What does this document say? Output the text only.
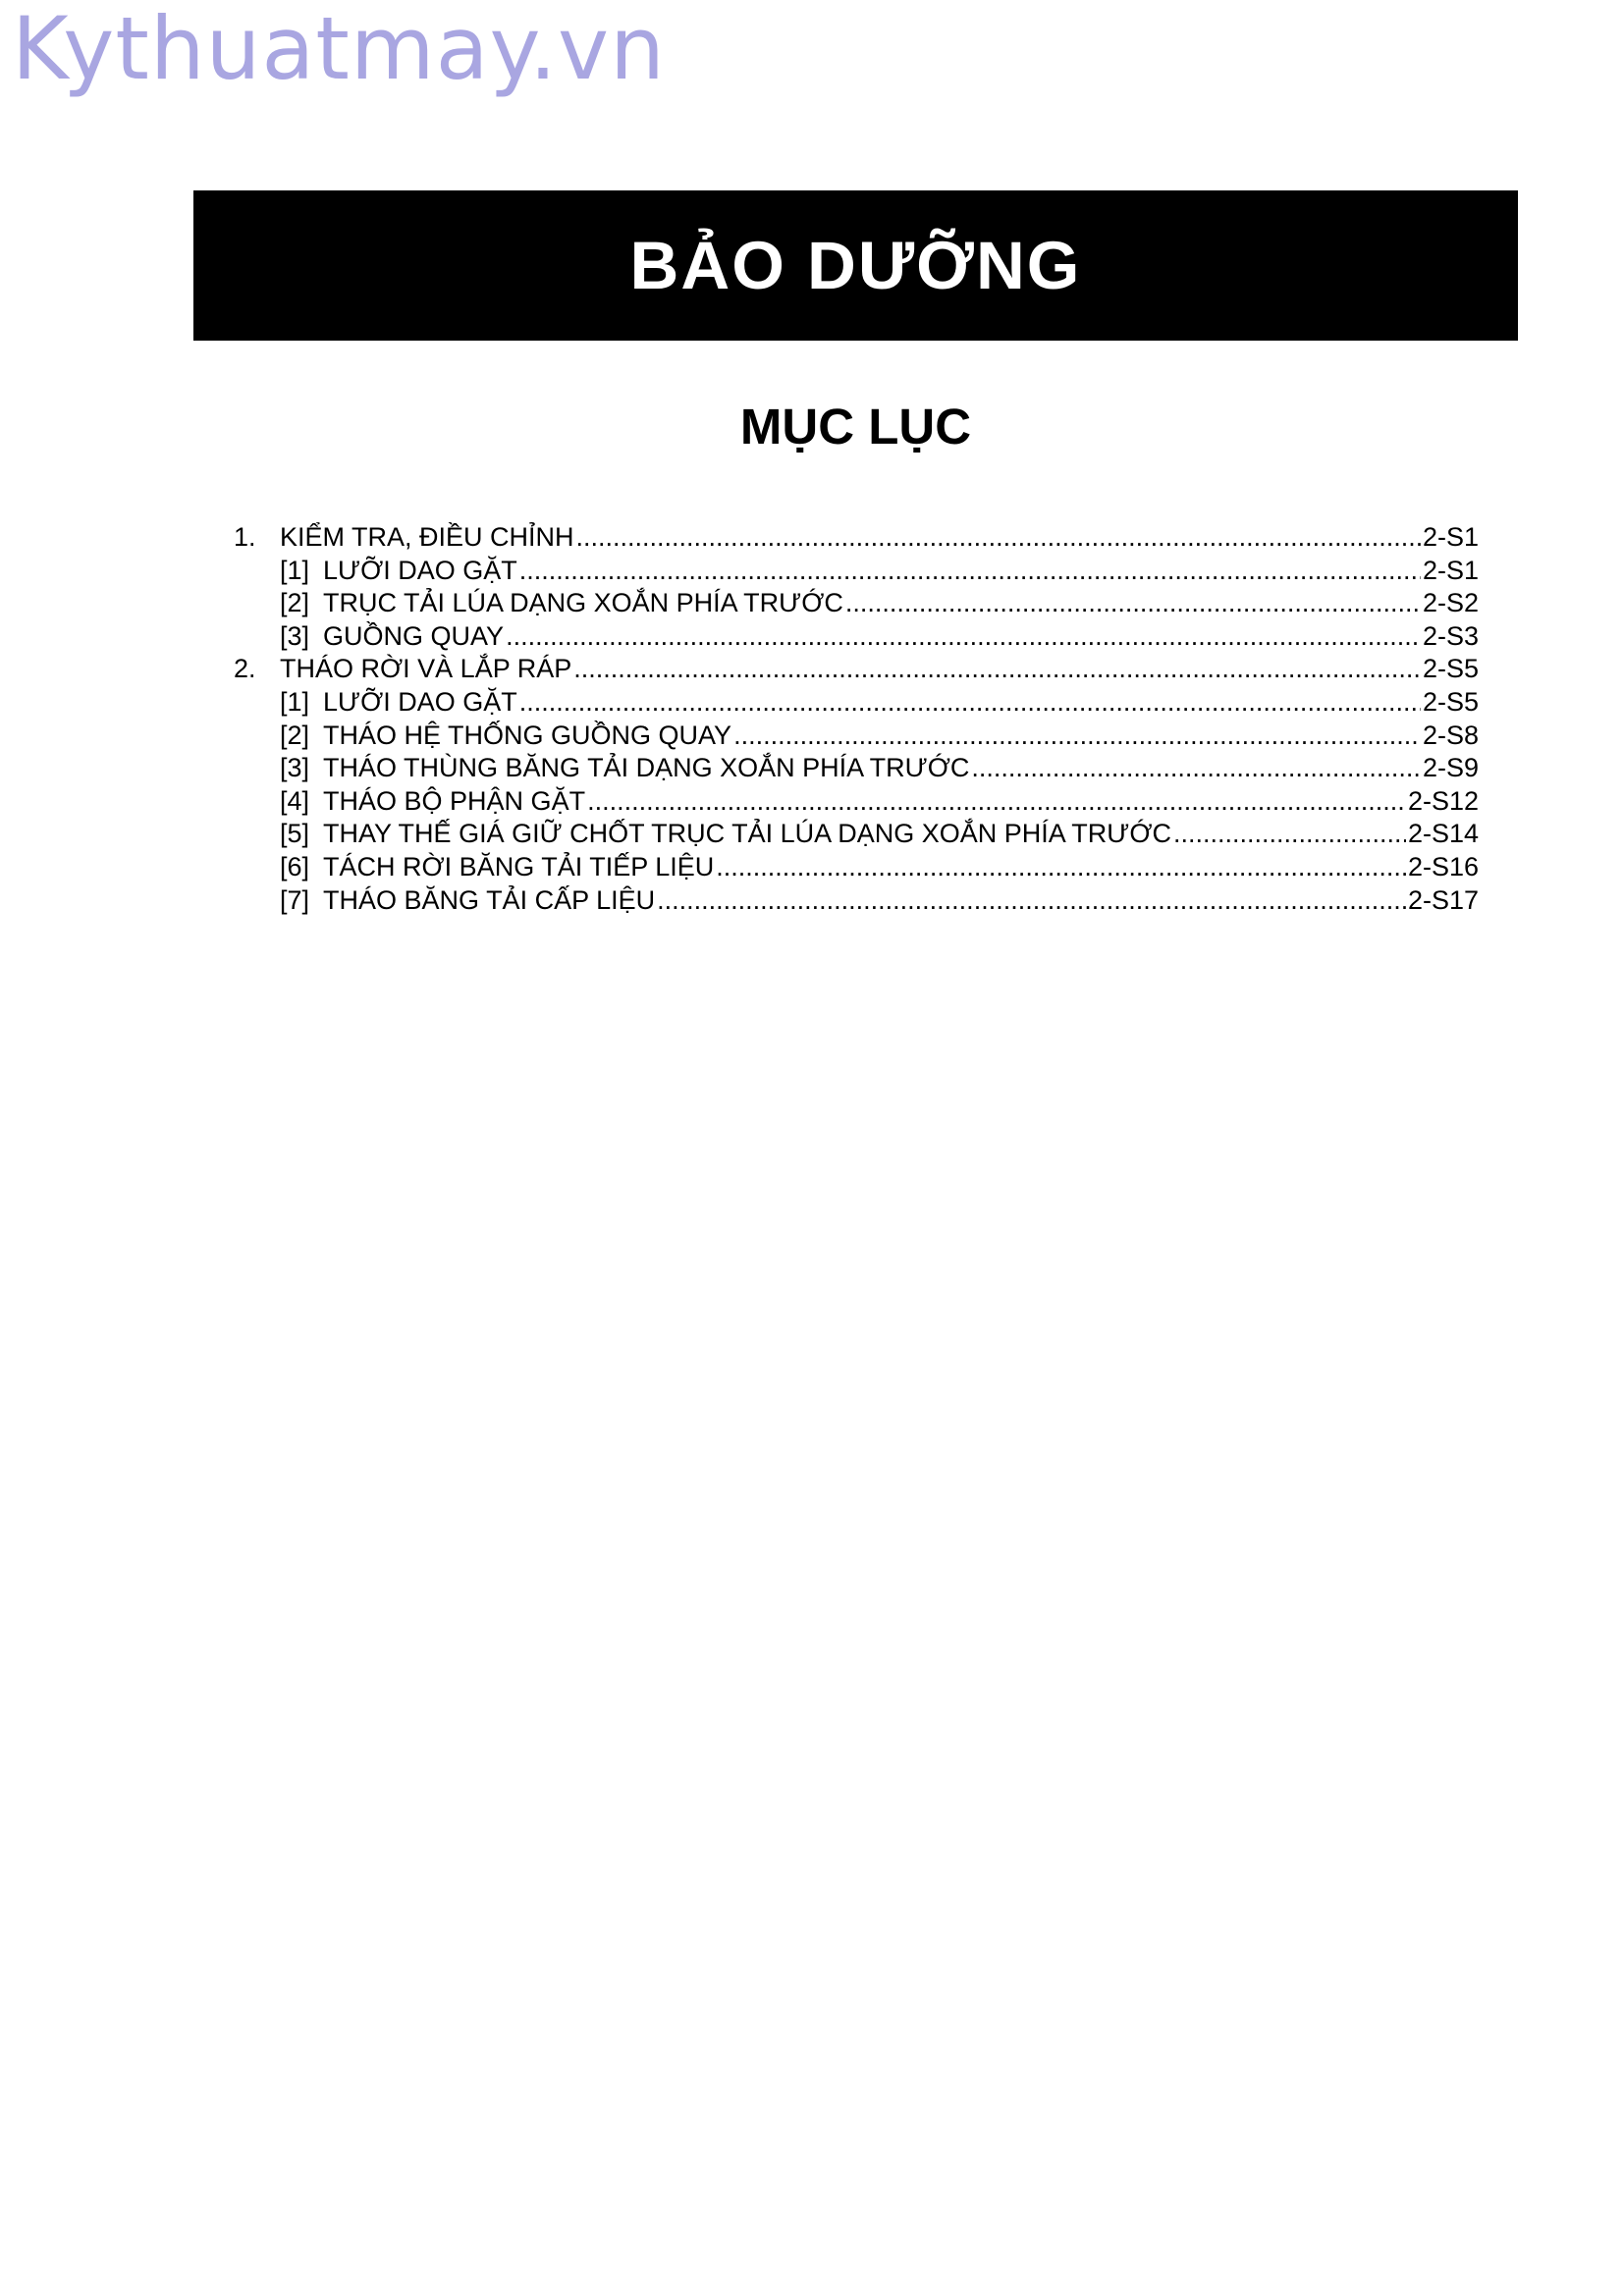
Kythuatmay.vn
BẢO DƯỠNG
MỤC LỤC
1. KIỂM TRA, ĐIỀU CHỈNH .....	2-S1
[1] LƯỠI DAO GẶT .....	2-S1
[2] TRỤC TẢI LÚA DẠNG XOẮN PHÍA TRƯỚC .....	2-S2
[3] GUỒNG QUAY .....	2-S3
2. THÁO RỜI VÀ LẮP RÁP .....	2-S5
[1] LƯỠI DAO GẶT .....	2-S5
[2] THÁO HỆ THỐNG GUỒNG QUAY .....	2-S8
[3] THÁO THÙNG BĂNG TẢI DẠNG XOẮN PHÍA TRƯỚC .....	2-S9
[4] THÁO BỘ PHẬN GẶT .....	2-S12
[5] THAY THẾ GIÁ GIỮ CHỐT TRỤC TẢI LÚA DẠNG XOẮN PHÍA TRƯỚC .....	2-S14
[6] TÁCH RỜI BĂNG TẢI TIẾP LIỆU .....	2-S16
[7] THÁO BĂNG TẢI CẤP LIỆU .....	2-S17
